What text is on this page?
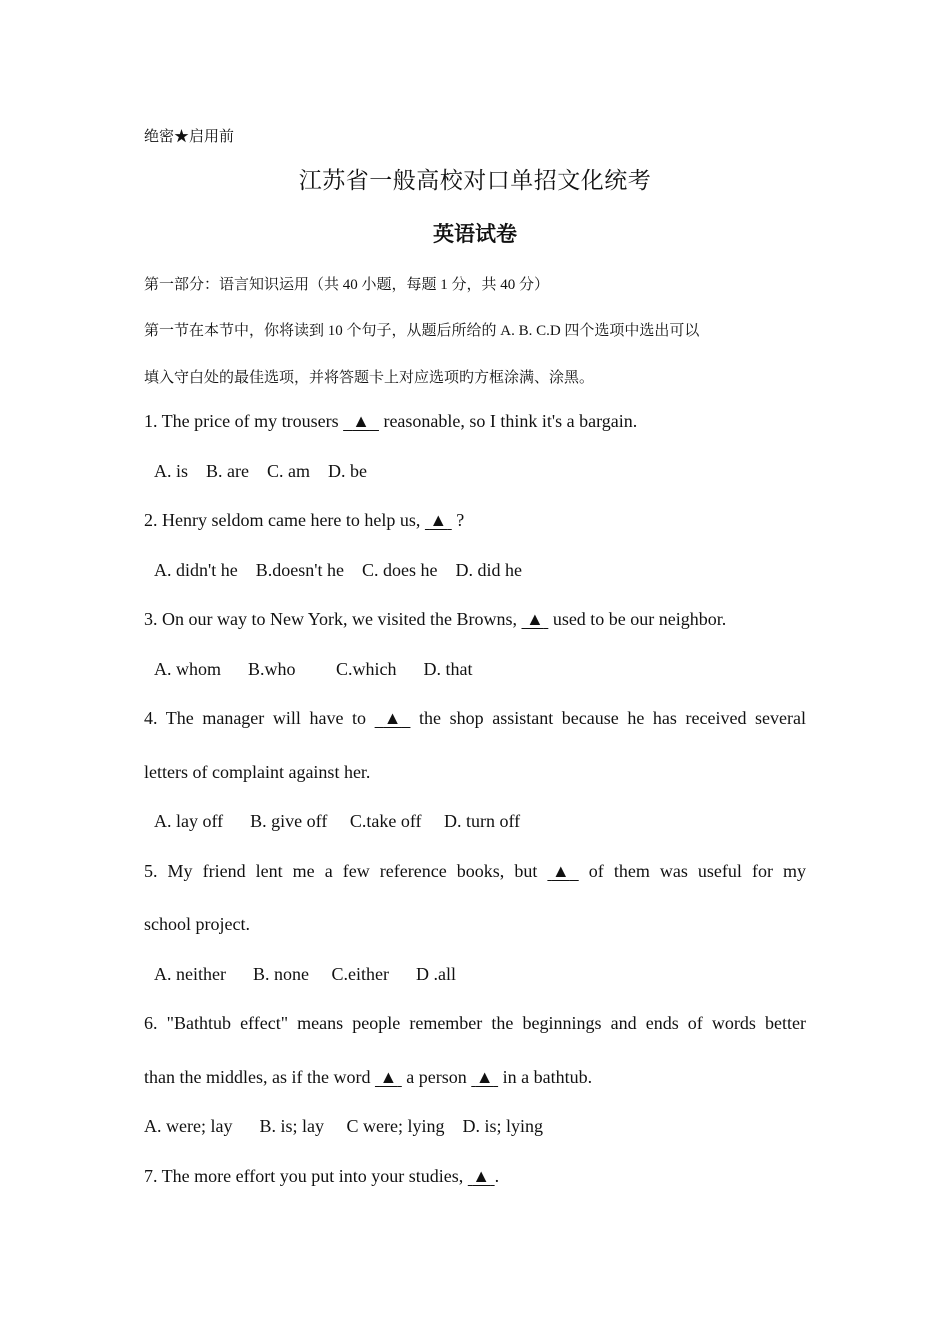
绝密★启用前
江苏省一般高校对口单招文化统考
英语试卷
第一部分：语言知识运用（共 40 小题，每题 1 分，共 40 分）
第一节在本节中，你将读到 10 个句子，从题后所给的 A. B. C.D 四个选项中选出可以
填入守白处的最佳选项，并将答题卡上对应选项旳方框涂满、涂黑。
1. The price of my trousers   ▲   reasonable, so I think it's a bargain.
A. is B. are C. am D. be
2. Henry seldom came here to help us,  ▲  ?
A. didn't he B.doesn't he C. does he D. did he
3. On our way to New York, we visited the Browns,  ▲  used to be our neighbor.
A. whom B.who C.which D. that
4. The manager will have to   ▲   the shop assistant because he has received several
letters of complaint against her.
A. lay off B. give off C.take off D. turn off
5. My friend lent me a few reference books, but  ▲   of them was useful for my
school project.
A. neither B. none C.either D .all
6. "Bathtub effect" means people remember the beginnings and ends of words better
than the middles, as if the word  ▲  a person  ▲  in a bathtub.
A. were; lay B. is; lay C were; lying D. is; lying
7. The more effort you put into your studies,  ▲ .
